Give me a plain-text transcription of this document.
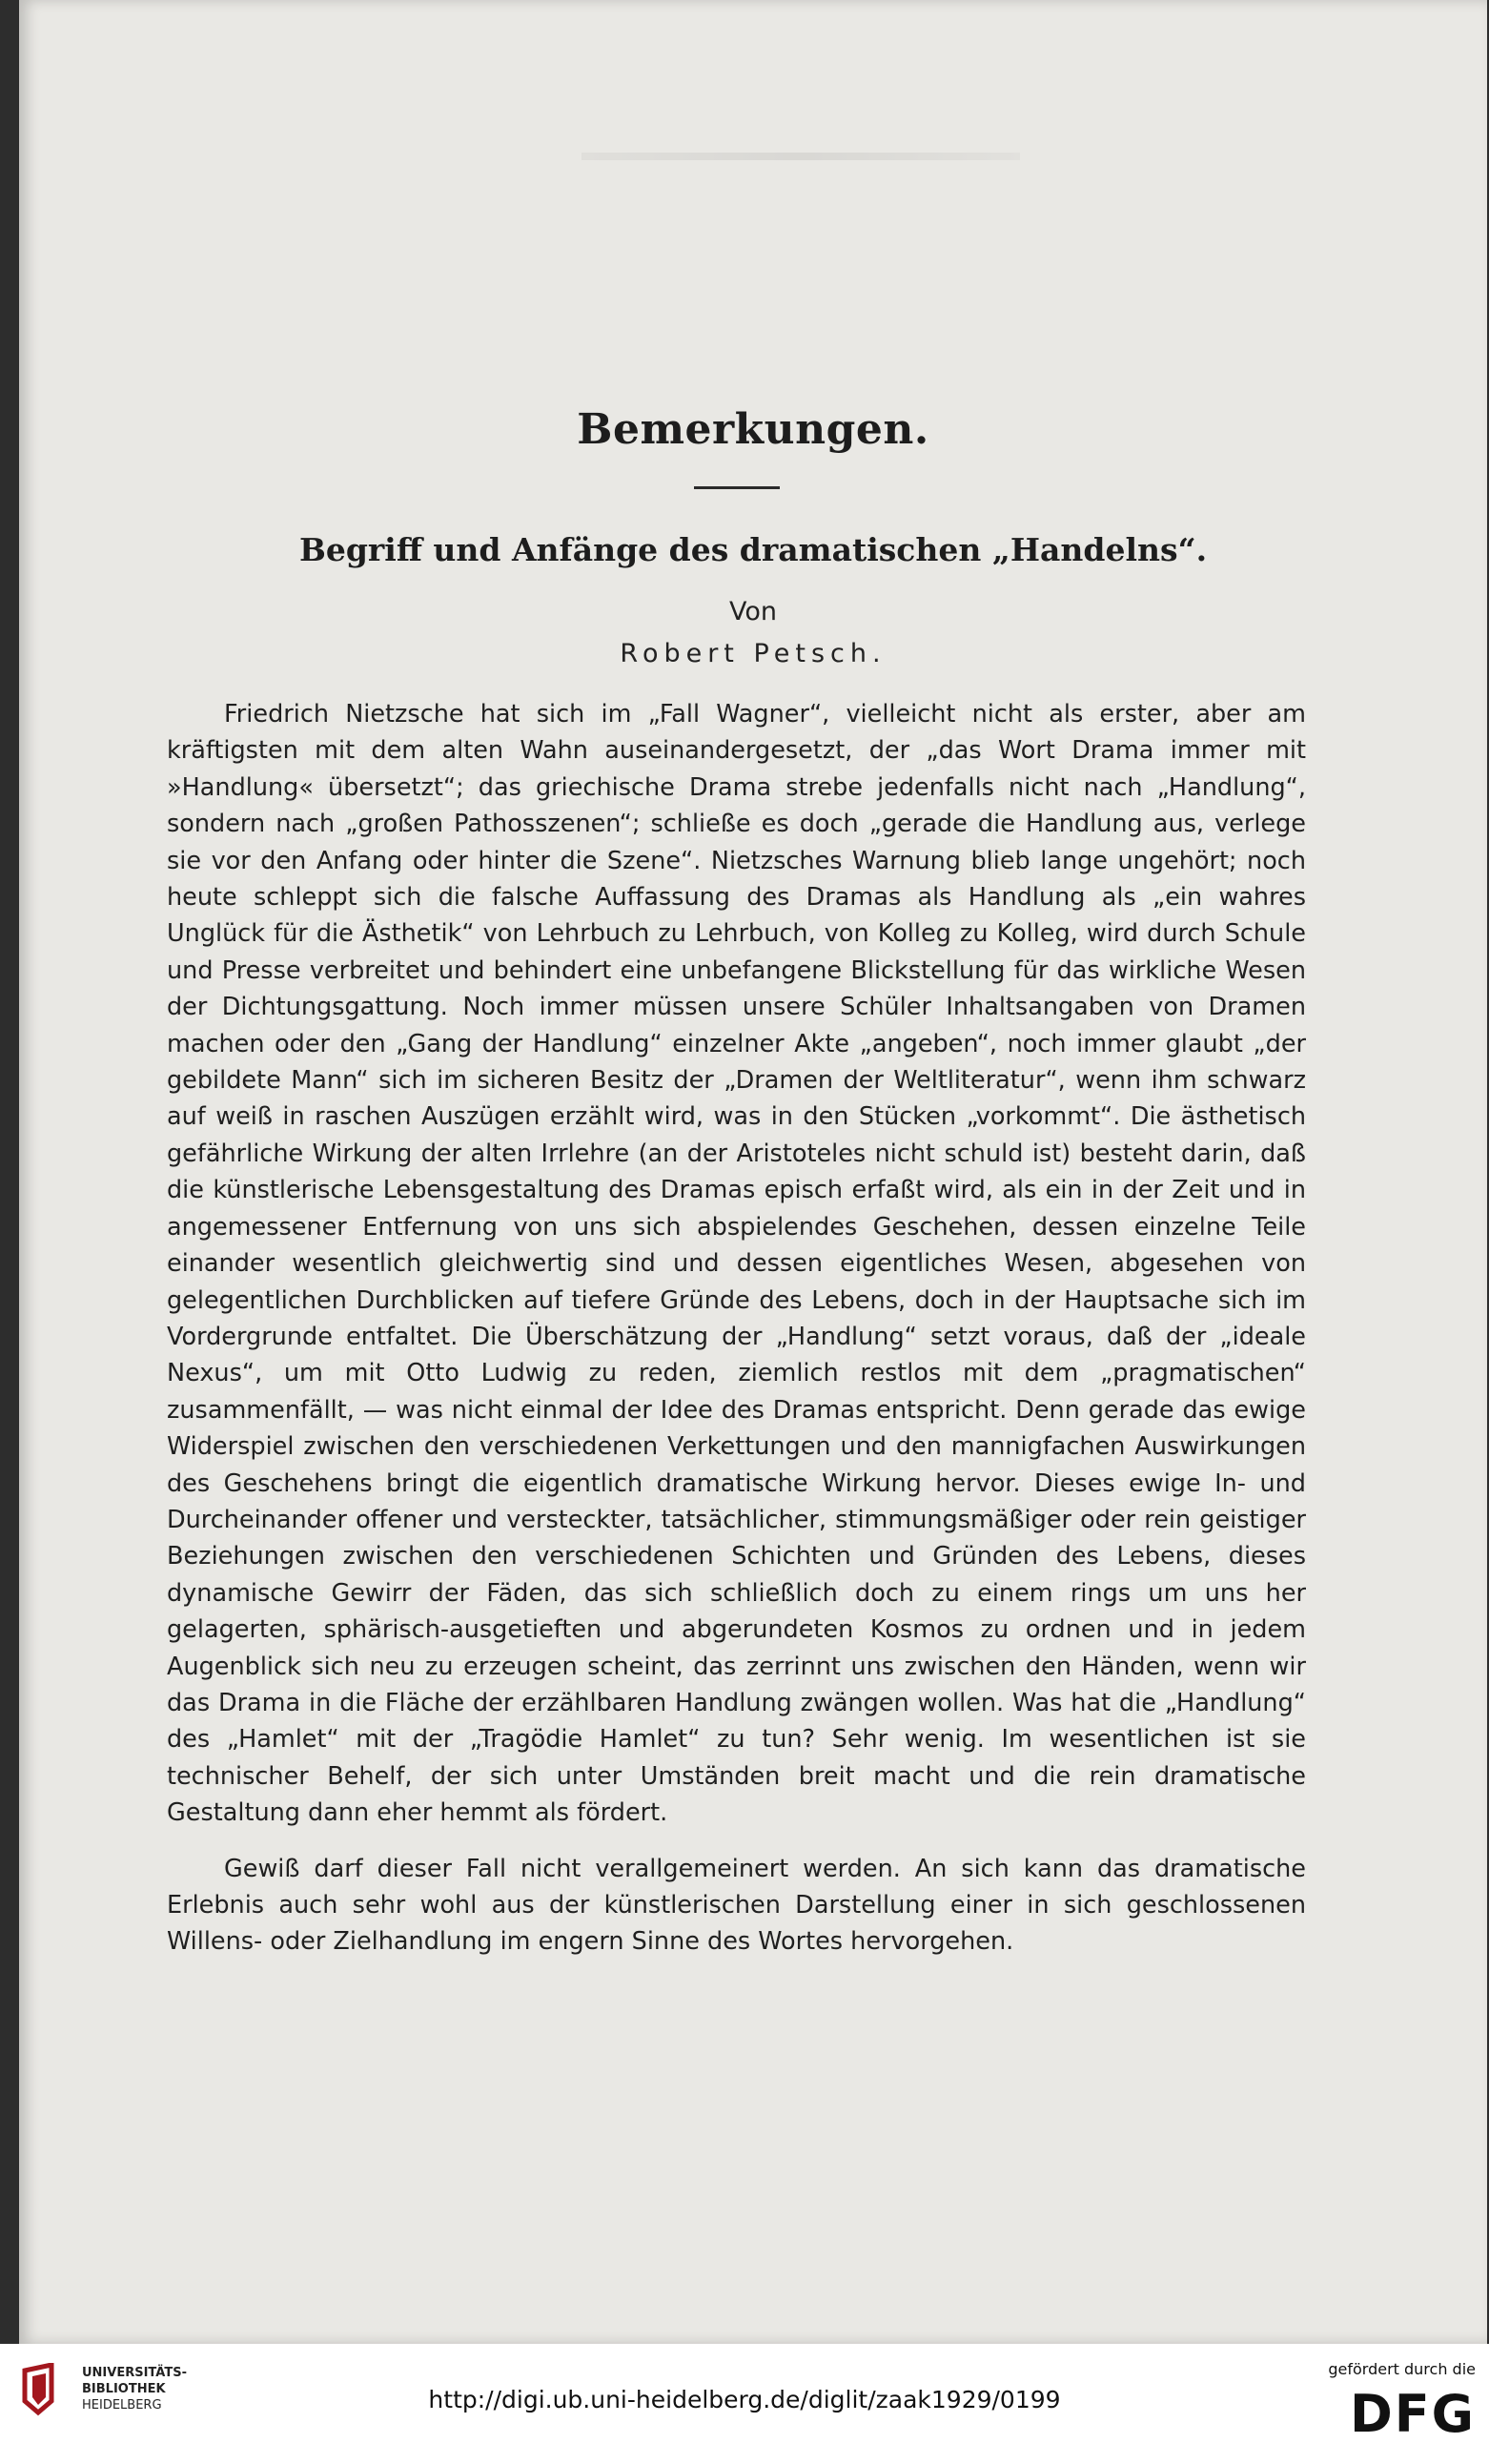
Bemerkungen.
Begriff und Anfänge des dramatischen „Handelns“.
Von
Robert Petsch.

Friedrich Nietzsche hat sich im „Fall Wagner“, vielleicht nicht als erster, aber am kräftigsten mit dem alten Wahn auseinandergesetzt, der „das Wort Drama immer mit »Handlung« übersetzt“; das griechische Drama strebe jedenfalls nicht nach „Handlung“, sondern nach „großen Pathosszenen“; schließe es doch „gerade die Handlung aus, verlege sie vor den Anfang oder hinter die Szene“. Nietzsches Warnung blieb lange ungehört; noch heute schleppt sich die falsche Auffassung des Dramas als Handlung als „ein wahres Unglück für die Ästhetik“ von Lehrbuch zu Lehrbuch, von Kolleg zu Kolleg, wird durch Schule und Presse verbreitet und behindert eine unbefangene Blickstellung für das wirkliche Wesen der Dichtungsgattung. Noch immer müssen unsere Schüler Inhaltsangaben von Dramen machen oder den „Gang der Handlung“ einzelner Akte „angeben“, noch immer glaubt „der gebildete Mann“ sich im sicheren Besitz der „Dramen der Weltliteratur“, wenn ihm schwarz auf weiß in raschen Auszügen erzählt wird, was in den Stücken „vorkommt“. Die ästhetisch gefährliche Wirkung der alten Irrlehre (an der Aristoteles nicht schuld ist) besteht darin, daß die künstlerische Lebensgestaltung des Dramas episch erfaßt wird, als ein in der Zeit und in angemessener Entfernung von uns sich abspielendes Geschehen, dessen einzelne Teile einander wesentlich gleichwertig sind und dessen eigentliches Wesen, abgesehen von gelegentlichen Durchblicken auf tiefere Gründe des Lebens, doch in der Hauptsache sich im Vordergrunde entfaltet. Die Überschätzung der „Handlung“ setzt voraus, daß der „ideale Nexus“, um mit Otto Ludwig zu reden, ziemlich restlos mit dem „pragmatischen“ zusammenfällt, — was nicht einmal der Idee des Dramas entspricht. Denn gerade das ewige Widerspiel zwischen den verschiedenen Verkettungen und den mannigfachen Auswirkungen des Geschehens bringt die eigentlich dramatische Wirkung hervor. Dieses ewige In- und Durcheinander offener und versteckter, tatsächlicher, stimmungsmäßiger oder rein geistiger Beziehungen zwischen den verschiedenen Schichten und Gründen des Lebens, dieses dynamische Gewirr der Fäden, das sich schließlich doch zu einem rings um uns her gelagerten, sphärisch-ausgetieften und abgerundeten Kosmos zu ordnen und in jedem Augenblick sich neu zu erzeugen scheint, das zerrinnt uns zwischen den Händen, wenn wir das Drama in die Fläche der erzählbaren Handlung zwängen wollen. Was hat die „Handlung“ des „Hamlet“ mit der „Tragödie Hamlet“ zu tun? Sehr wenig. Im wesentlichen ist sie technischer Behelf, der sich unter Umständen breit macht und die rein dramatische Gestaltung dann eher hemmt als fördert.

Gewiß darf dieser Fall nicht verallgemeinert werden. An sich kann das dramatische Erlebnis auch sehr wohl aus der künstlerischen Darstellung einer in sich geschlossenen Willens- oder Zielhandlung im engern Sinne des Wortes hervorgehen.

UNIVERSITÄTS-
BIBLIOTHEK
HEIDELBERG	http://digi.ub.uni-heidelberg.de/diglit/zaak1929/0199
gefördert durch die
DFG
